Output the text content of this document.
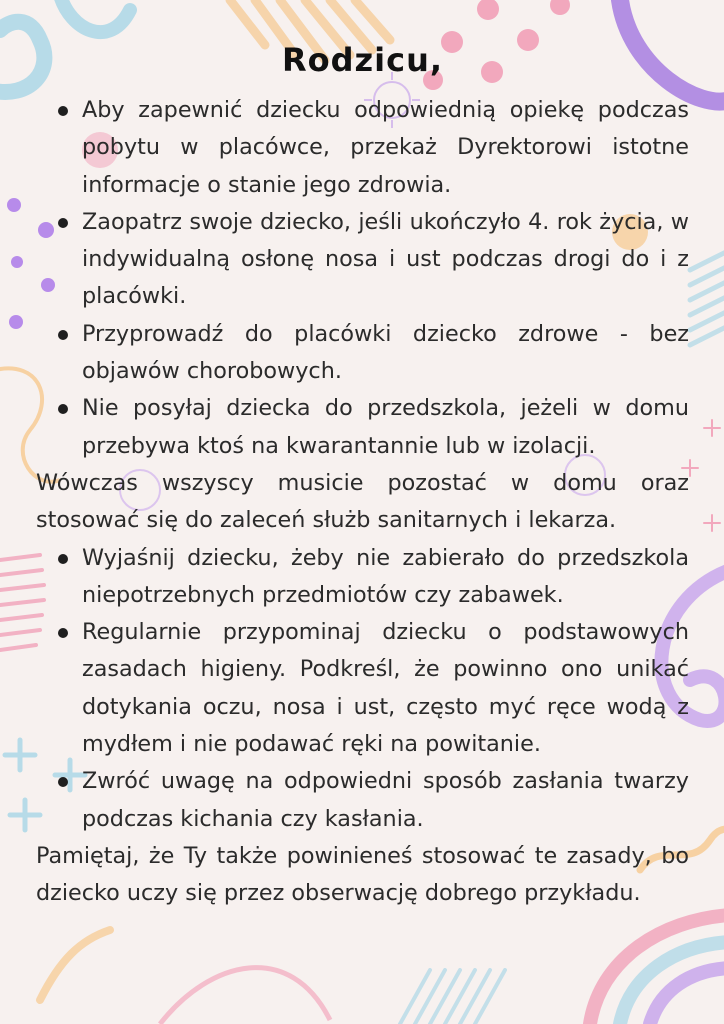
Rodzicu,
Aby zapewnić dziecku odpowiednią opiekę podczas pobytu w placówce, przekaż Dyrektorowi istotne informacje o stanie jego zdrowia.
Zaopatrz swoje dziecko, jeśli ukończyło 4. rok życia, w indywidualną osłonę nosa i ust podczas drogi do i z placówki.
Przyprowadź do placówki dziecko zdrowe - bez objawów chorobowych.
Nie posyłaj dziecka do przedszkola, jeżeli w domu przebywa ktoś na kwarantannie lub w izolacji.

Wówczas wszyscy musicie pozostać w domu oraz stosować się do zaleceń służb sanitarnych i lekarza.

Wyjaśnij dziecku, żeby nie zabierało do przedszkola niepotrzebnych przedmiotów czy zabawek.
Regularnie przypominaj dziecku o podstawowych zasadach higieny. Podkreśl, że powinno ono unikać dotykania oczu, nosa i ust, często myć ręce wodą z mydłem i nie podawać ręki na powitanie.
Zwróć uwagę na odpowiedni sposób zasłania twarzy podczas kichania czy kasłania.

Pamiętaj, że Ty także powinieneś stosować te zasady, bo dziecko uczy się przez obserwację dobrego przykładu.
